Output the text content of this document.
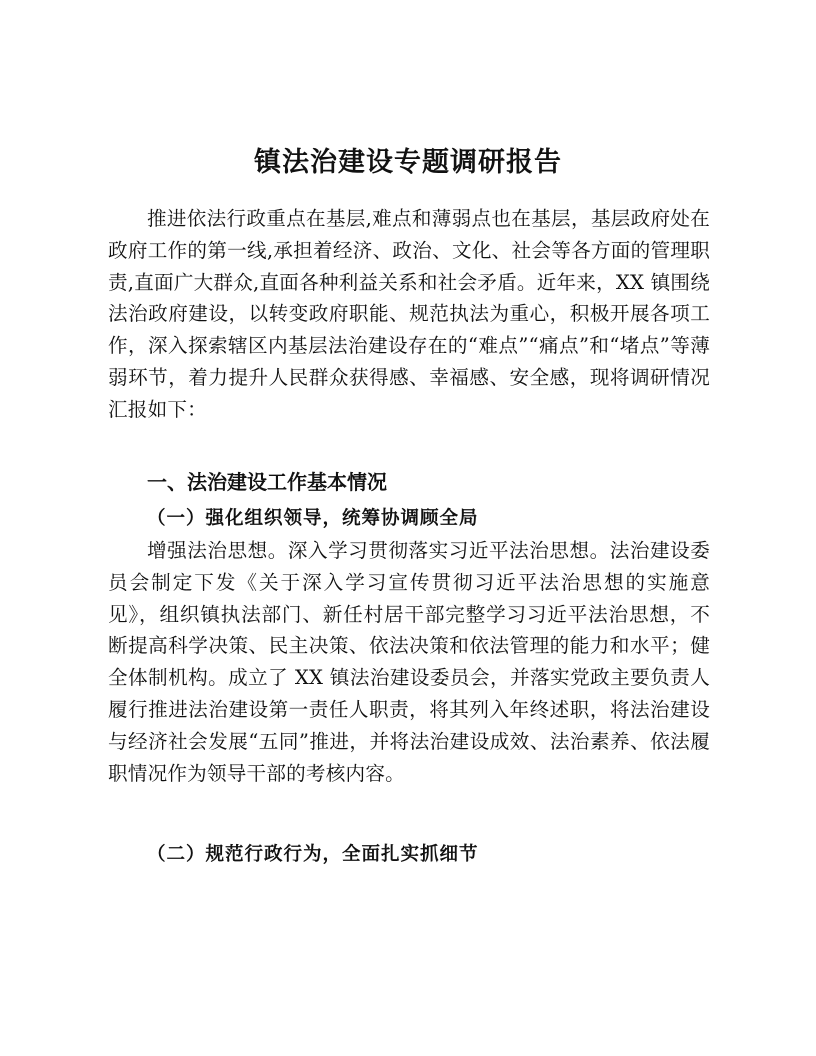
镇法治建设专题调研报告

推进依法行政重点在基层,难点和薄弱点也在基层，基层政府处在政府工作的第一线,承担着经济、政治、文化、社会等各方面的管理职责,直面广大群众,直面各种利益关系和社会矛盾。近年来，XX 镇围绕法治政府建设，以转变政府职能、规范执法为重心，积极开展各项工作，深入探索辖区内基层法治建设存在的“难点”“痛点”和“堵点”等薄弱环节，着力提升人民群众获得感、幸福感、安全感，现将调研情况汇报如下：

一、法治建设工作基本情况
（一）强化组织领导，统筹协调顾全局

增强法治思想。深入学习贯彻落实习近平法治思想。法治建设委员会制定下发《关于深入学习宣传贯彻习近平法治思想的实施意见》，组织镇执法部门、新任村居干部完整学习习近平法治思想，不断提高科学决策、民主决策、依法决策和依法管理的能力和水平；健全体制机构。成立了 XX 镇法治建设委员会，并落实党政主要负责人履行推进法治建设第一责任人职责，将其列入年终述职，将法治建设与经济社会发展“五同”推进，并将法治建设成效、法治素养、依法履职情况作为领导干部的考核内容。

（二）规范行政行为，全面扎实抓细节
